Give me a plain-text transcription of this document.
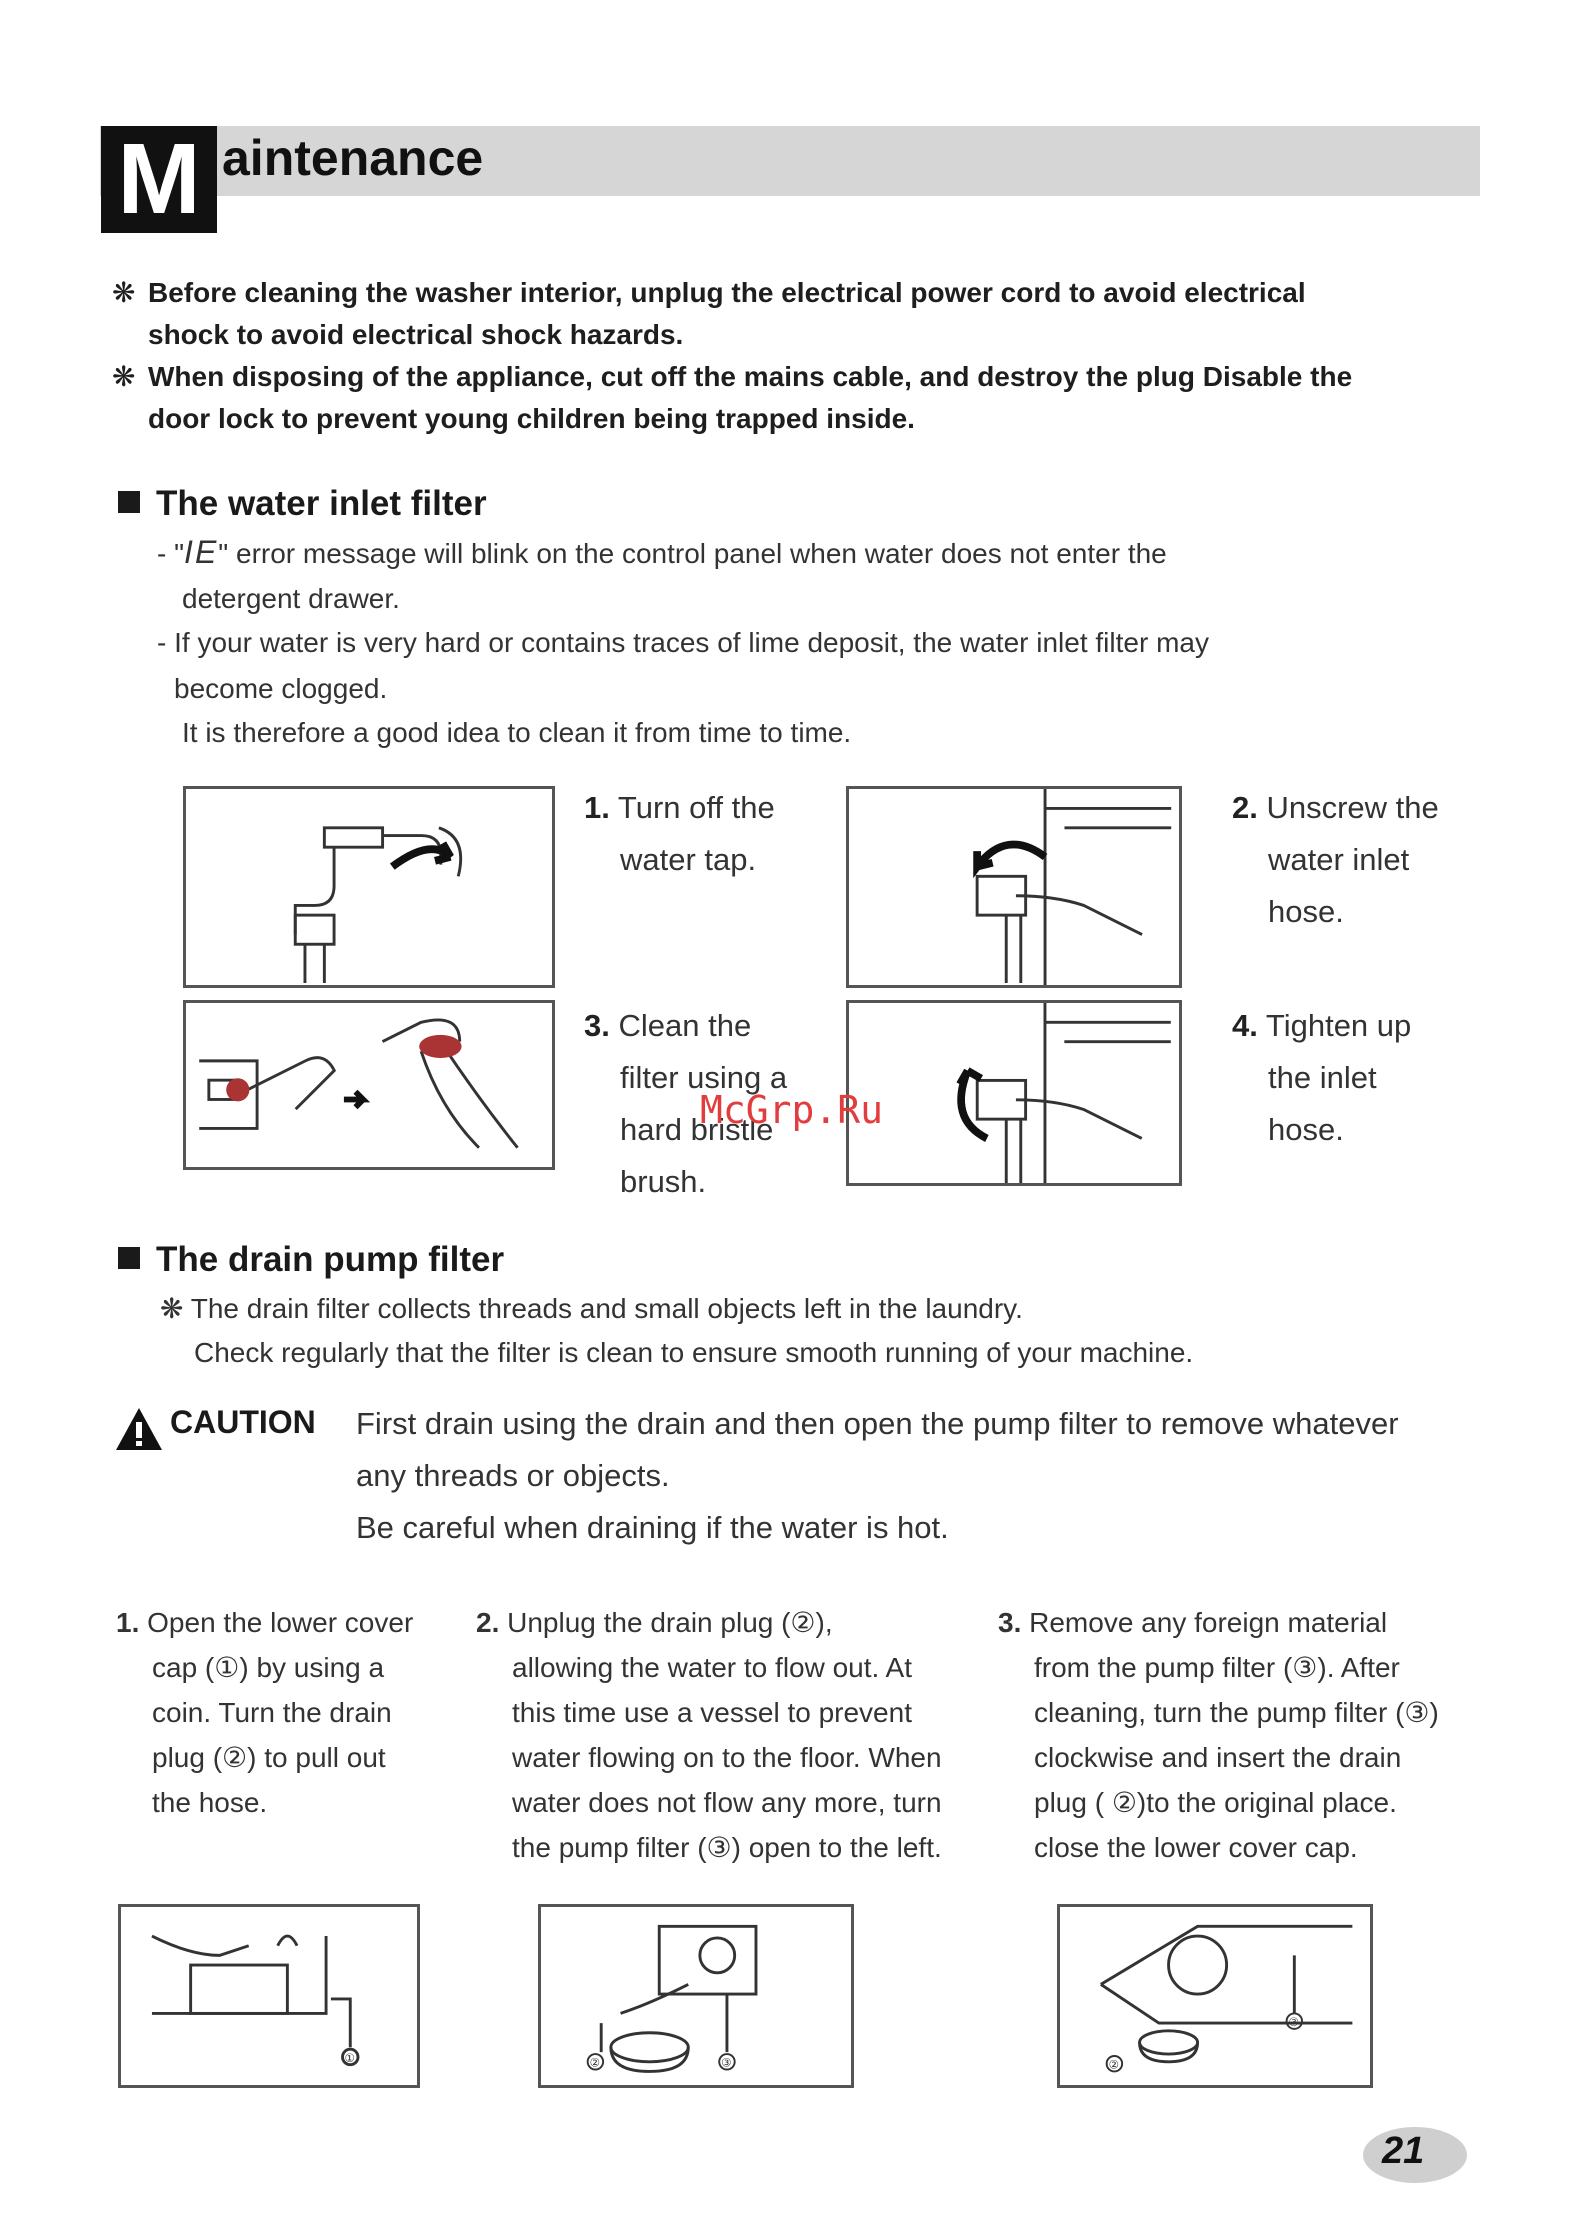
M aintenance
❋ Before cleaning the washer interior, unplug the electrical power cord to avoid electrical
shock to avoid electrical shock hazards.
❋ When disposing of the appliance, cut off the mains cable, and destroy the plug Disable the
door lock to prevent young children being trapped inside.
The water inlet filter
- "IE" error message will blink on the control panel when water does not enter the
detergent drawer.
- If your water is very hard or contains traces of lime deposit, the water inlet filter may
become clogged.
It is therefore a good idea to clean it from time to time.
1. Turn off the
water tap.
2. Unscrew the
water inlet
hose.
3. Clean the
filter using a
hard bristle
brush.
4. Tighten up
the inlet
hose.
McGrp.Ru
The drain pump filter
❋ The drain filter collects threads and small objects left in the laundry.
Check regularly that the filter is clean to ensure smooth running of your machine.
CAUTION First drain using the drain and then open the pump filter to remove whatever
any threads or objects.
Be careful when draining if the water is hot.
1. Open the lower cover
cap (①) by using a
coin. Turn the drain
plug (②) to pull out
the hose.
2. Unplug the drain plug (②),
allowing the water to flow out. At
this time use a vessel to prevent
water flowing on to the floor. When
water does not flow any more, turn
the pump filter (③) open to the left.
3. Remove any foreign material
from the pump filter (③). After
cleaning, turn the pump filter (③)
clockwise and insert the drain
plug ( ②)to the original place.
close the lower cover cap.
①	③
②
③
②
21
